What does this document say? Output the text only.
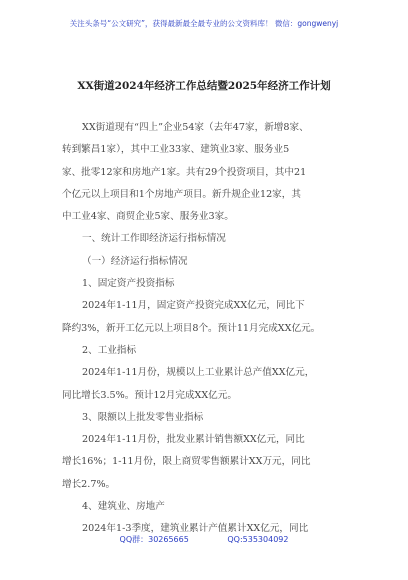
关注头条号“公文研究”，获得最新最全最专业的公文资料库！ 微信：gongwenyj
XX街道2024年经济工作总结暨2025年经济工作计划
XX街道现有“四上”企业54家（去年47家，新增8家、
转到繁昌1家），其中工业33家、建筑业3家、服务业5
家、批零12家和房地产1家。共有29个投资项目，其中21
个亿元以上项目和1个房地产项目。新升规企业12家，其
中工业4家、商贸企业5家、服务业3家。
一、统计工作即经济运行指标情况
（一）经济运行指标情况
1、固定资产投资指标
2024年1-11月，固定资产投资完成XX亿元，同比下
降约3%，新开工亿元以上项目8个。预计11月完成XX亿元。
2、工业指标
2024年1-11月份，规模以上工业累计总产值XX亿元，
同比增长3.5%。预计12月完成XX亿元。
3、限额以上批发零售业指标
2024年1-11月份，批发业累计销售额XX亿元，同比
增长16%；1-11月份，限上商贸零售额累计XX万元，同比
增长2.7%。
4、建筑业、房地产
2024年1-3季度，建筑业累计产值累计XX亿元，同比
QQ群：30265665	QQ:535304092
